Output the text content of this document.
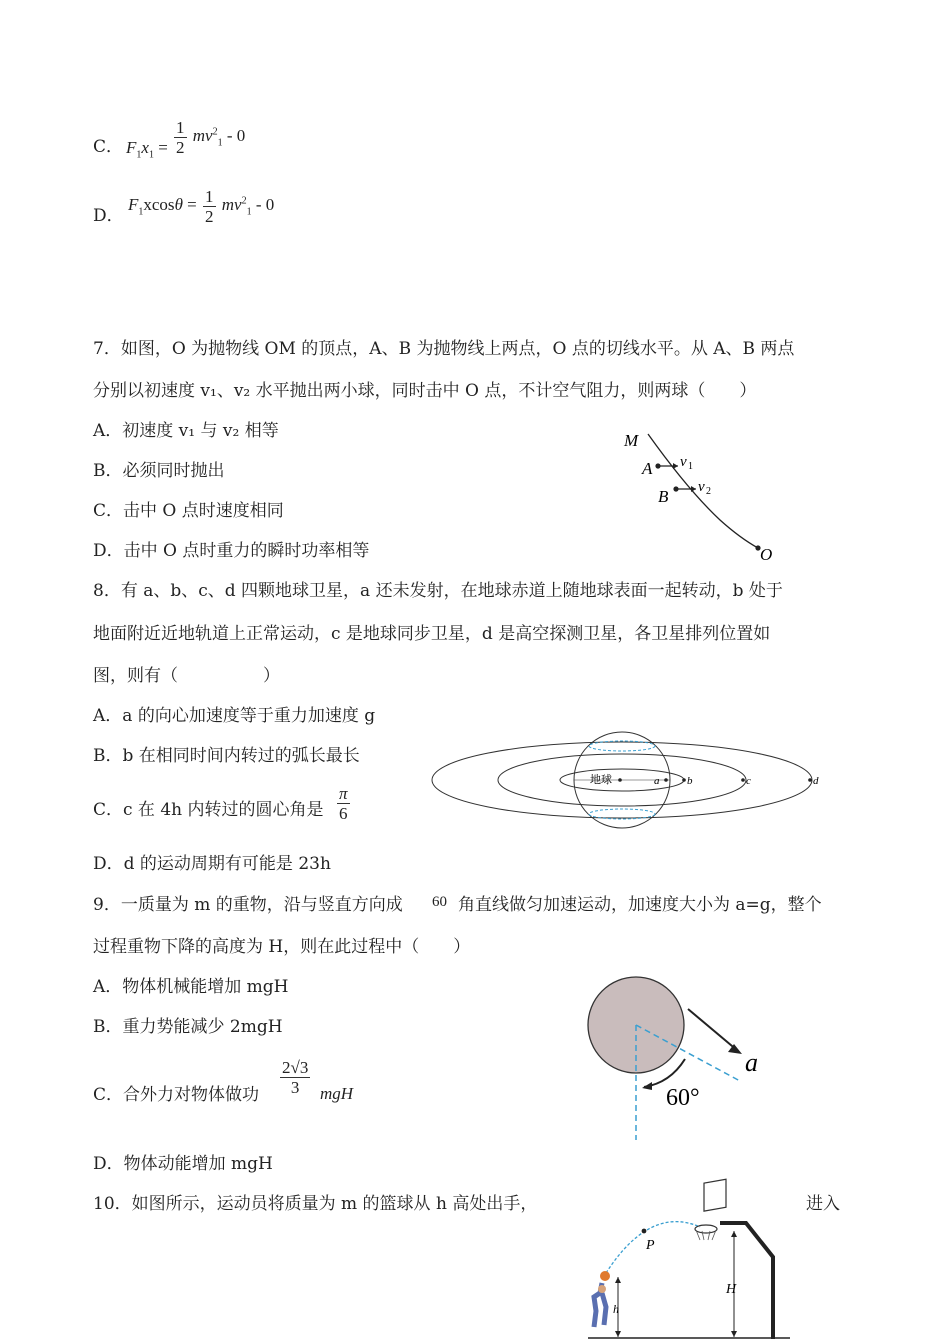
C． $F_1x_1 = \frac{1}{2} mv^2_1 - 0$
D．
$F_1xcos\theta = \frac{1}{2} mv^2_1 - 0$
7．如图，O 为抛物线 OM 的顶点，A、B 为抛物线上两点，O 点的切线水平。从 A、B 两点
分别以初速度 v₁、v₂ 水平抛出两小球，同时击中 O 点，不计空气阻力，则两球（　　）
A．初速度 v₁ 与 v₂ 相等
B．必须同时抛出
C．击中 O 点时速度相同
D．击中 O 点时重力的瞬时功率相等
M
A
B
O
v 1
v 2
8．有 a、b、c、d 四颗地球卫星，a 还未发射，在地球赤道上随地球表面一起转动，b 处于
地面附近近地轨道上正常运动，c 是地球同步卫星，d 是高空探测卫星，各卫星排列位置如
图，则有（　　　　　）
A．a 的向心加速度等于重力加速度 g
B．b 在相同时间内转过的弧长最长
C．c 在 4h 内转过的圆心角是 $\frac{\pi}{6}$
D．d 的运动周期有可能是 23h
地球	a	b	c	d
9．一质量为 m 的重物，沿与竖直方向成 60 角直线做匀加速运动，加速度大小为 a=g，整个
过程重物下降的高度为 H，则在此过程中（　　）
A．物体机械能增加 mgH
B．重力势能减少 2mgH
C．合外力对物体做功 $\frac{2√3}{3}$ mgH
D．物体动能增加 mgH
a
60°
10．如图所示，运动员将质量为 m 的篮球从 h 高处出手，	进入
P
H
h
